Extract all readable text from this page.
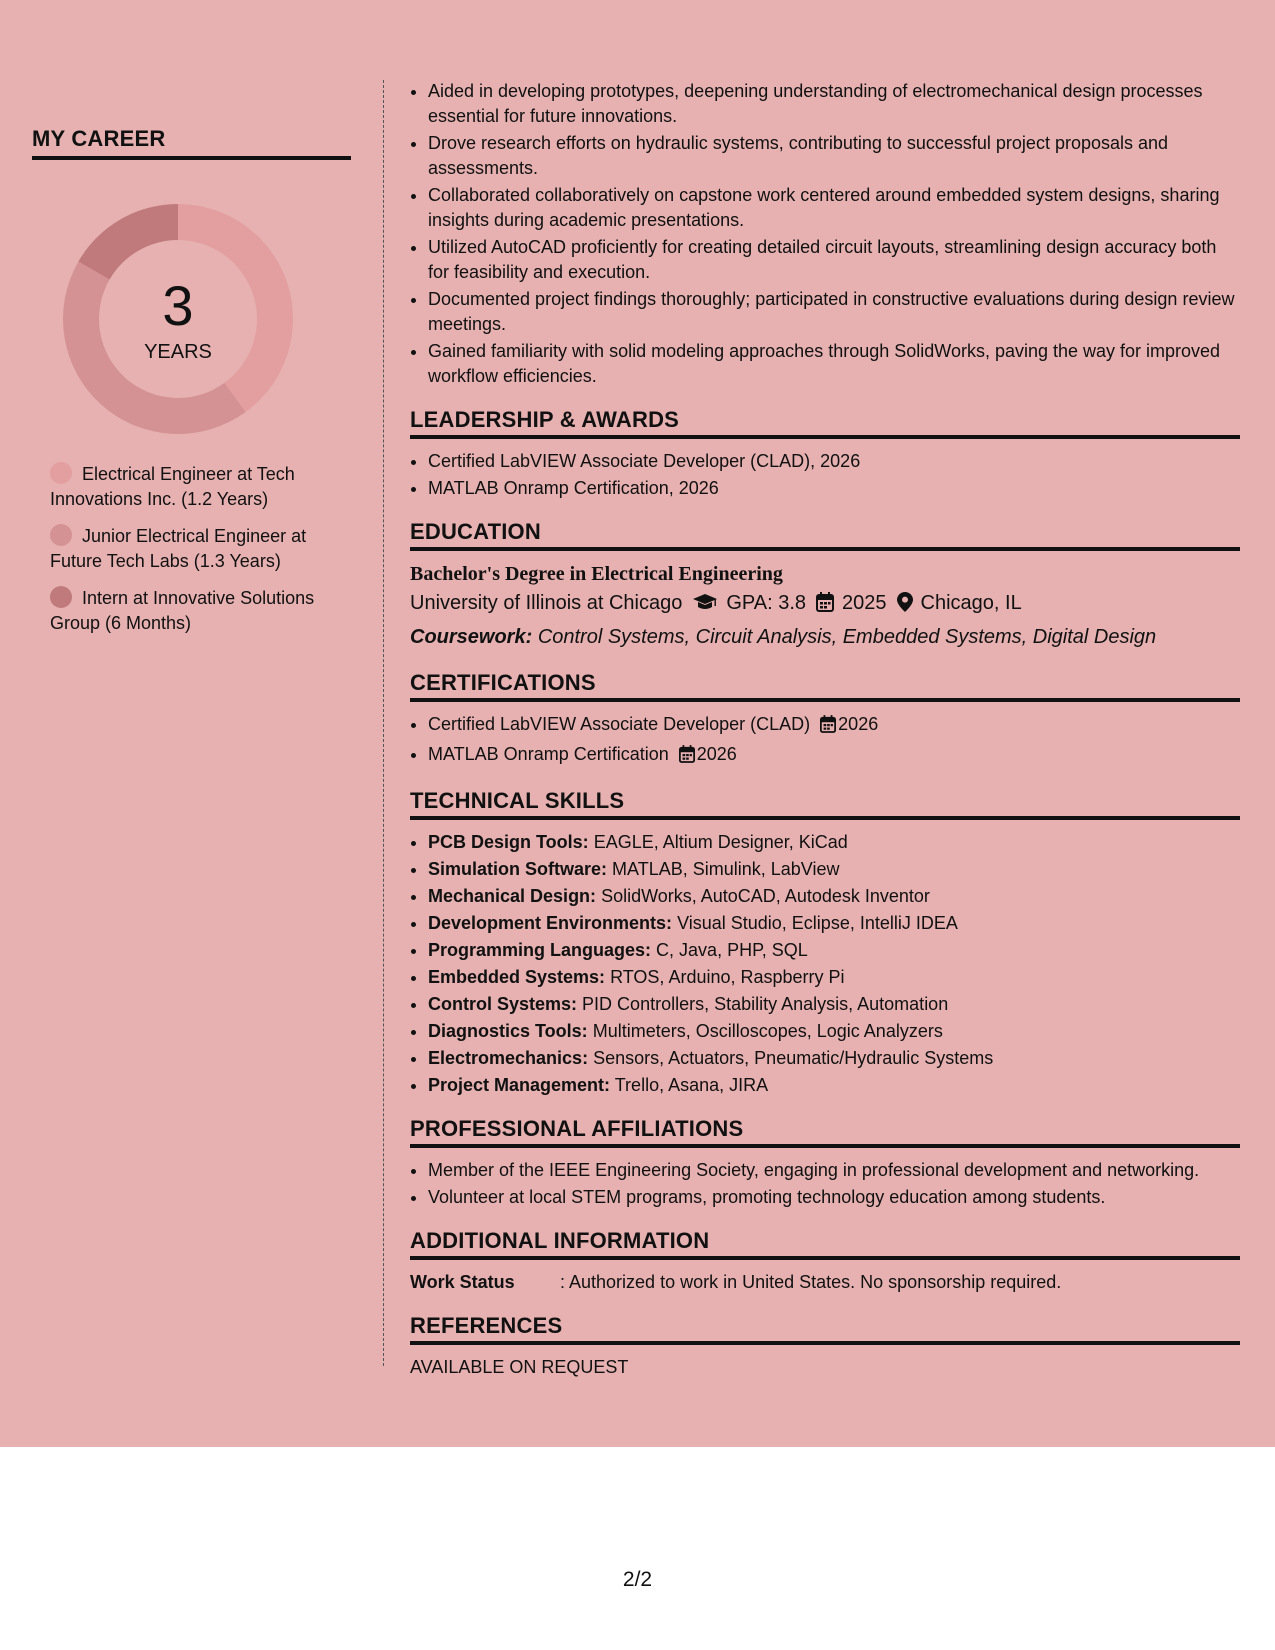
MY CAREER
3
YEARS
Electrical Engineer at Tech Innovations Inc. (1.2 Years)
Junior Electrical Engineer at Future Tech Labs (1.3 Years)
Intern at Innovative Solutions Group (6 Months)
• Aided in developing prototypes, deepening understanding of electromechanical design processes essential for future innovations.
• Drove research efforts on hydraulic systems, contributing to successful project proposals and assessments.
• Collaborated collaboratively on capstone work centered around embedded system designs, sharing insights during academic presentations.
• Utilized AutoCAD proficiently for creating detailed circuit layouts, streamlining design accuracy both for feasibility and execution.
• Documented project findings thoroughly; participated in constructive evaluations during design review meetings.
• Gained familiarity with solid modeling approaches through SolidWorks, paving the way for improved workflow efficiencies.
LEADERSHIP & AWARDS
• Certified LabVIEW Associate Developer (CLAD), 2026
• MATLAB Onramp Certification, 2026
EDUCATION
Bachelor's Degree in Electrical Engineering
University of Illinois at Chicago GPA: 3.8 2025 Chicago, IL
Coursework: Control Systems, Circuit Analysis, Embedded Systems, Digital Design
CERTIFICATIONS
• Certified LabVIEW Associate Developer (CLAD) 2026
• MATLAB Onramp Certification 2026
TECHNICAL SKILLS
• PCB Design Tools: EAGLE, Altium Designer, KiCad
• Simulation Software: MATLAB, Simulink, LabView
• Mechanical Design: SolidWorks, AutoCAD, Autodesk Inventor
• Development Environments: Visual Studio, Eclipse, IntelliJ IDEA
• Programming Languages: C, Java, PHP, SQL
• Embedded Systems: RTOS, Arduino, Raspberry Pi
• Control Systems: PID Controllers, Stability Analysis, Automation
• Diagnostics Tools: Multimeters, Oscilloscopes, Logic Analyzers
• Electromechanics: Sensors, Actuators, Pneumatic/Hydraulic Systems
• Project Management: Trello, Asana, JIRA
PROFESSIONAL AFFILIATIONS
• Member of the IEEE Engineering Society, engaging in professional development and networking.
• Volunteer at local STEM programs, promoting technology education among students.
ADDITIONAL INFORMATION
Work Status	: Authorized to work in United States. No sponsorship required.
REFERENCES
AVAILABLE ON REQUEST
2/2
